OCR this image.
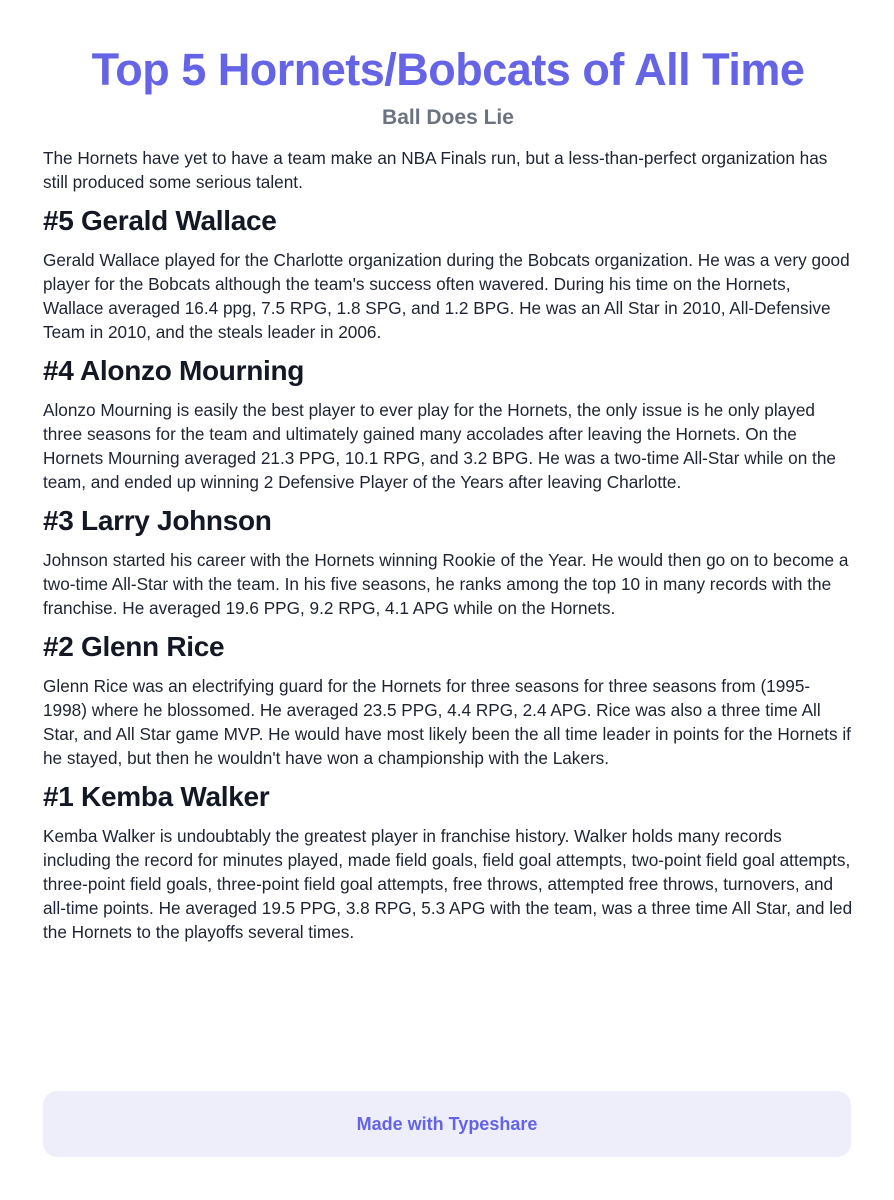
Top 5 Hornets/Bobcats of All Time
Ball Does Lie

The Hornets have yet to have a team make an NBA Finals run, but a less-than-perfect organization has still produced some serious talent.

#5 Gerald Wallace

Gerald Wallace played for the Charlotte organization during the Bobcats organization. He was a very good player for the Bobcats although the team's success often wavered. During his time on the Hornets, Wallace averaged 16.4 ppg, 7.5 RPG, 1.8 SPG, and 1.2 BPG. He was an All Star in 2010, All-Defensive Team in 2010, and the steals leader in 2006.

#4 Alonzo Mourning

Alonzo Mourning is easily the best player to ever play for the Hornets, the only issue is he only played three seasons for the team and ultimately gained many accolades after leaving the Hornets. On the Hornets Mourning averaged 21.3 PPG, 10.1 RPG, and 3.2 BPG. He was a two-time All-Star while on the team, and ended up winning 2 Defensive Player of the Years after leaving Charlotte.

#3 Larry Johnson

Johnson started his career with the Hornets winning Rookie of the Year. He would then go on to become a two-time All-Star with the team. In his five seasons, he ranks among the top 10 in many records with the franchise. He averaged 19.6 PPG, 9.2 RPG, 4.1 APG while on the Hornets.

#2 Glenn Rice

Glenn Rice was an electrifying guard for the Hornets for three seasons for three seasons from (1995-1998) where he blossomed. He averaged 23.5 PPG, 4.4 RPG, 2.4 APG. Rice was also a three time All Star, and All Star game MVP. He would have most likely been the all time leader in points for the Hornets if he stayed, but then he wouldn't have won a championship with the Lakers.

#1 Kemba Walker

Kemba Walker is undoubtably the greatest player in franchise history. Walker holds many records including the record for minutes played, made field goals, field goal attempts, two-point field goal attempts, three-point field goals, three-point field goal attempts, free throws, attempted free throws, turnovers, and all-time points. He averaged 19.5 PPG, 3.8 RPG, 5.3 APG with the team, was a three time All Star, and led the Hornets to the playoffs several times.

Made with Typeshare
